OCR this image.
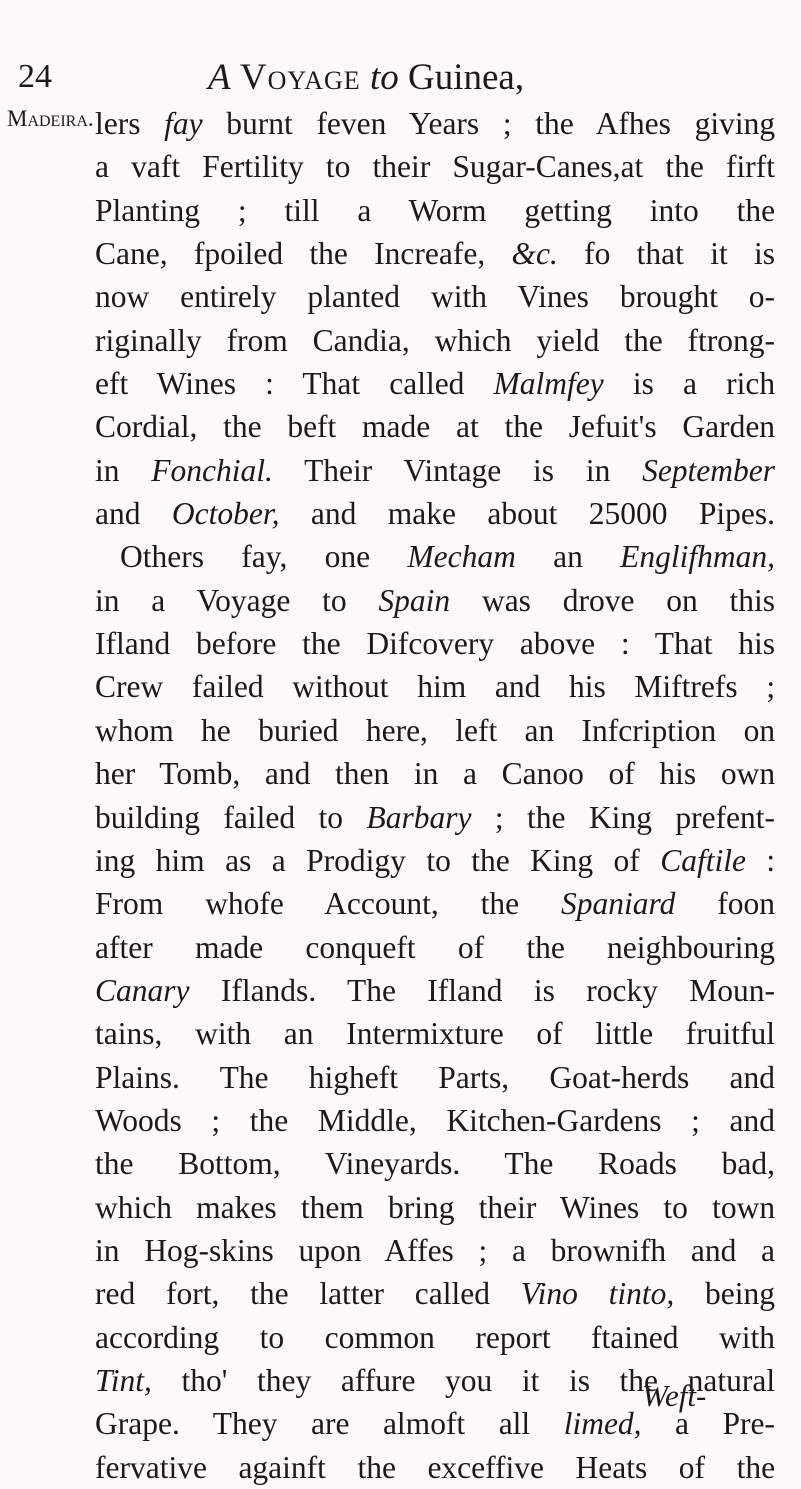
24	A Voyage to Guinea,
Madeira. lers fay burnt feven Years ; the Afhes giving
a vaft Fertility to their Sugar-Canes,at the firft
Planting ; till a Worm getting into the
Cane, fpoiled the Increafe, &c. fo that it is
now entirely planted with Vines brought o-
riginally from Candia, which yield the ftrong-
eft Wines : That called Malmfey is a rich
Cordial, the beft made at the Jefuit's Garden
in Fonchial. Their Vintage is in September
and October, and make about 25000 Pipes.
Others fay, one Mecham an Englifhman,
in a Voyage to Spain was drove on this
Ifland before the Difcovery above : That his
Crew failed without him and his Miftrefs ;
whom he buried here, left an Infcription on
her Tomb, and then in a Canoo of his own
building failed to Barbary ; the King prefent-
ing him as a Prodigy to the King of Caftile :
From whofe Account, the Spaniard foon
after made conqueft of the neighbouring
Canary Iflands. The Ifland is rocky Moun-
tains, with an Intermixture of little fruitful
Plains. The higheft Parts, Goat-herds and
Woods ; the Middle, Kitchen-Gardens ; and
the Bottom, Vineyards. The Roads bad,
which makes them bring their Wines to town
in Hog-skins upon Affes ; a brownifh and a
red fort, the latter called Vino tinto, being
according to common report ftained with
Tint, tho' they affure you it is the natural
Grape. They are almoft all limed, a Pre-
fervative againft the exceffive Heats of the
Weft-
